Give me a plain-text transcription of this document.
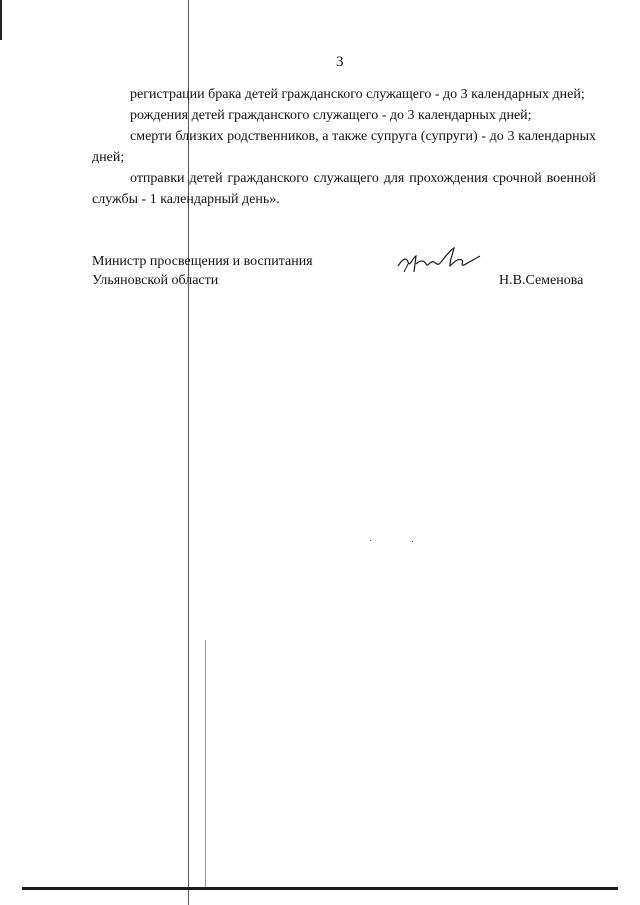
3

регистрации брака детей гражданского служащего - до 3 календарных дней;

рождения детей гражданского служащего - до 3 календарных дней;

смерти близких родственников, а также супруга (супруги) - до 3 календарных дней;

отправки детей гражданского служащего для прохождения срочной военной службы - 1 календарный день».

Министр просвещения и воспитания
Ульяновской области	Н.В.Семенова
